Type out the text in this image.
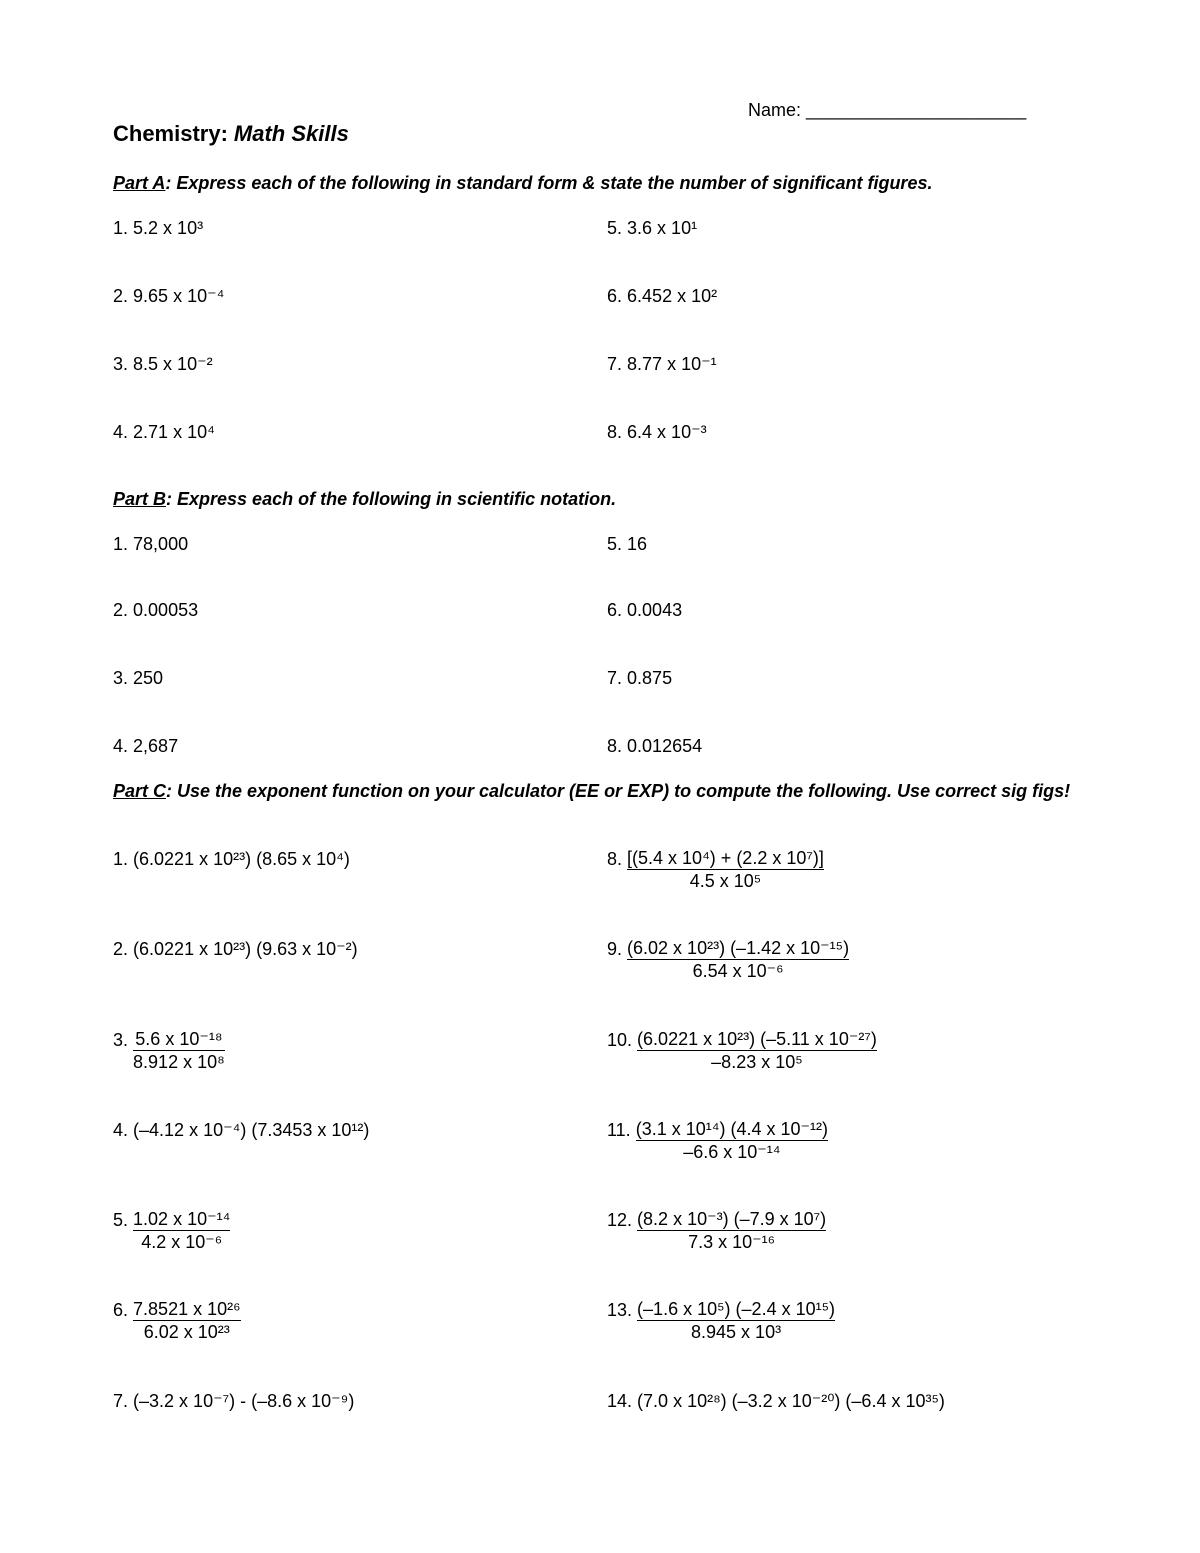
Name: ______________________
Chemistry: Math Skills
Part A: Express each of the following in standard form & state the number of significant figures.
1. 5.2 x 10³
2. 9.65 x 10⁻⁴
3. 8.5 x 10⁻²
4. 2.71 x 10⁴
5. 3.6 x 10¹
6. 6.452 x 10²
7. 8.77 x 10⁻¹
8. 6.4 x 10⁻³
Part B: Express each of the following in scientific notation.
1. 78,000
2. 0.00053
3. 250
4. 2,687
5. 16
6. 0.0043
7. 0.875
8. 0.012654
Part C: Use the exponent function on your calculator (EE or EXP) to compute the following. Use correct sig figs!
1. (6.0221 x 10²³) (8.65 x 10⁴)
2. (6.0221 x 10²³) (9.63 x 10⁻²)
3. $\frac{\text{5.6 x 10⁻¹⁸}}{\text{8.912 x 10⁸}}$
4. (–4.12 x 10⁻⁴) (7.3453 x 10¹²)
5. $\frac{\text{1.02 x 10⁻¹⁴}}{\text{4.2 x 10⁻⁶}}$
6. $\frac{\text{7.8521 x 10²⁶}}{\text{6.02 x 10²³}}$
7. (–3.2 x 10⁻⁷) - (–8.6 x 10⁻⁹)
8. $\frac{\text{[(5.4 x 10⁴) + (2.2 x 10⁷)]}}{\text{4.5 x 10⁵}}$
9. $\frac{\text{(6.02 x 10²³) (–1.42 x 10⁻¹⁵)}}{\text{6.54 x 10⁻⁶}}$
10. $\frac{\text{(6.0221 x 10²³) (–5.11 x 10⁻²⁷)}}{\text{–8.23 x 10⁵}}$
11. $\frac{\text{(3.1 x 10¹⁴) (4.4 x 10⁻¹²)}}{\text{–6.6 x 10⁻¹⁴}}$
12. $\frac{\text{(8.2 x 10⁻³) (–7.9 x 10⁷)}}{\text{7.3 x 10⁻¹⁶}}$
13. $\frac{\text{(–1.6 x 10⁵) (–2.4 x 10¹⁵)}}{\text{8.945 x 10³}}$
14. (7.0 x 10²⁸) (–3.2 x 10⁻²⁰) (–6.4 x 10³⁵)
